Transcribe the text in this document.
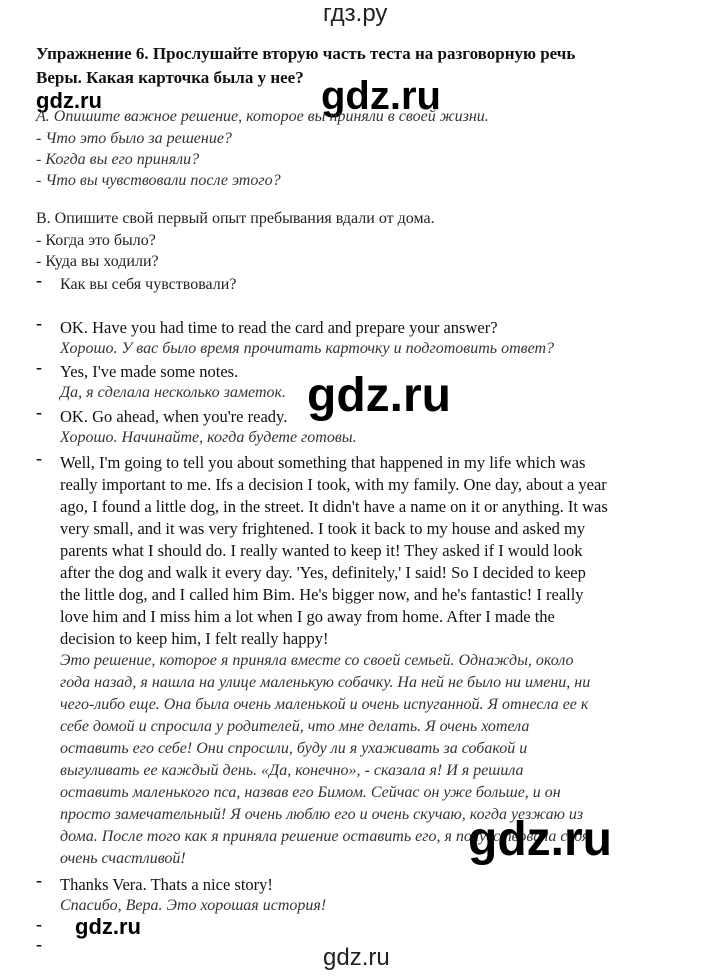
гдз.ру
Упражнение 6. Прослушайте вторую часть теста на разговорную речь
Веры. Какая карточка была у нее?
gdz.ru	gdz.ru
А. Опишите важное решение, которое вы приняли в своей жизни.
- Что это было за решение?
- Когда вы его приняли?
- Что вы чувствовали после этого?
В. Опишите свой первый опыт пребывания вдали от дома.
- Когда это было?
- Куда вы ходили?
- Как вы себя чувствовали?
- OK. Have you had time to read the card and prepare your answer?
Хорошо. У вас было время прочитать карточку и подготовить ответ?
- Yes, I've made some notes.
Да, я сделала несколько заметок. gdz.ru
- OK. Go ahead, when you're ready.
Хорошо. Начинайте, когда будете готовы.
- Well, I'm going to tell you about something that happened in my life which was
really important to me. Ifs a decision I took, with my family. One day, about a year
ago, I found a little dog, in the street. It didn't have a name on it or anything. It was
very small, and it was very frightened. I took it back to my house and asked my
parents what I should do. I really wanted to keep it! They asked if I would look
after the dog and walk it every day. 'Yes, definitely,' I said! So I decided to keep
the little dog, and I called him Bim. He's bigger now, and he's fantastic! I really
love him and I miss him a lot when I go away from home. After I made the
decision to keep him, I felt really happy!
Это решение, которое я приняла вместе со своей семьей. Однажды, около
года назад, я нашла на улице маленькую собачку. На ней не было ни имени, ни
чего-либо еще. Она была очень маленькой и очень испуганной. Я отнесла ее к
себе домой и спросила у родителей, что мне делать. Я очень хотела
оставить его себе! Они спросили, буду ли я ухаживать за собакой и
выгуливать ее каждый день. «Да, конечно», - сказала я! И я решила
оставить маленького пса, назвав его Бимом. Сейчас он уже больше, и он
просто замечательный! Я очень люблю его и очень скучаю, когда уезжаю из
дома. После того как я приняла решение оставить его, я почувствовала себя
очень счастливой!	gdz.ru
- Thanks Vera. Thats a nice story!
Спасибо, Вера. Это хорошая история!
- gdz.ru
-	gdz.ru
